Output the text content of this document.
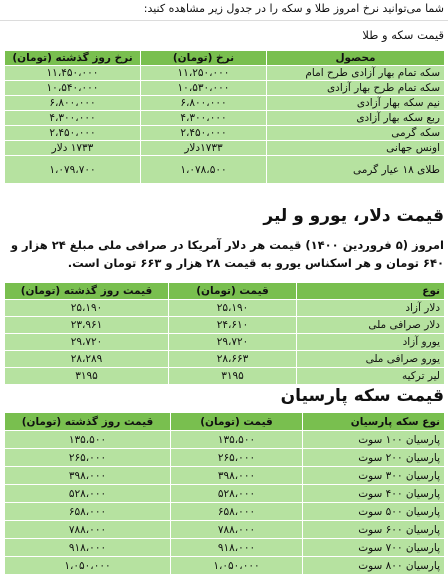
شما می‌توانید نرخ امروز طلا و سکه را در جدول زیر مشاهده کنید:
قیمت سکه و طلا
محصول	نرخ (تومان)	نرخ روز گذشته (تومان)
سکه تمام بهار آزادی طرح امام	۱۱،۲۵۰،۰۰۰	۱۱،۴۵۰،۰۰۰
سکه تمام طرح بهار آزادی	۱۰،۵۳۰،۰۰۰	۱۰،۵۴۰،۰۰۰
نیم سکه بهار آزادی	۶،۸۰۰،۰۰۰	۶،۸۰۰،۰۰۰
ربع سکه بهار آزادی	۴،۳۰۰،۰۰۰	۴،۳۰۰،۰۰۰
سکه گرمی	۲،۴۵۰،۰۰۰	۲،۴۵۰،۰۰۰
اونس جهانی	۱۷۳۳دلار	۱۷۳۳ دلار
طلای ۱۸ عیار گرمی	۱،۰۷۸،۵۰۰	۱،۰۷۹،۷۰۰
قیمت دلار، یورو و لیر
امروز (۵ فروردین ۱۴۰۰) قیمت هر دلار آمریکا در صرافی ملی مبلغ ۲۴ هزار و ۶۴۰ تومان و هر اسکناس یورو به قیمت ۲۸ هزار و ۶۶۳ تومان است.
نوع	قیمت (تومان)	قیمت روز گذشته (تومان)
دلار آزاد	۲۵،۱۹۰	۲۵،۱۹۰
دلار صرافی ملی	۲۴،۶۱۰	۲۳،۹۶۱
یورو آزاد	۲۹،۷۲۰	۲۹،۷۲۰
یورو صرافی ملی	۲۸،۶۶۳	۲۸،۲۸۹
لیر ترکیه	۳۱۹۵	۳۱۹۵
قیمت سکه پارسیان
نوع سکه پارسیان	قیمت (تومان)	قیمت روز گذشته (تومان)
پارسیان ۱۰۰ سوت	۱۳۵،۵۰۰	۱۳۵،۵۰۰
پارسیان ۲۰۰ سوت	۲۶۵،۰۰۰	۲۶۵،۰۰۰
پارسیان ۳۰۰ سوت	۳۹۸،۰۰۰	۳۹۸،۰۰۰
پارسیان ۴۰۰ سوت	۵۲۸،۰۰۰	۵۲۸،۰۰۰
پارسیان ۵۰۰ سوت	۶۵۸،۰۰۰	۶۵۸،۰۰۰
پارسیان ۶۰۰ سوت	۷۸۸،۰۰۰	۷۸۸،۰۰۰
پارسیان ۷۰۰ سوت	۹۱۸،۰۰۰	۹۱۸،۰۰۰
پارسیان ۸۰۰ سوت	۱،۰۵۰،۰۰۰	۱،۰۵۰،۰۰۰
